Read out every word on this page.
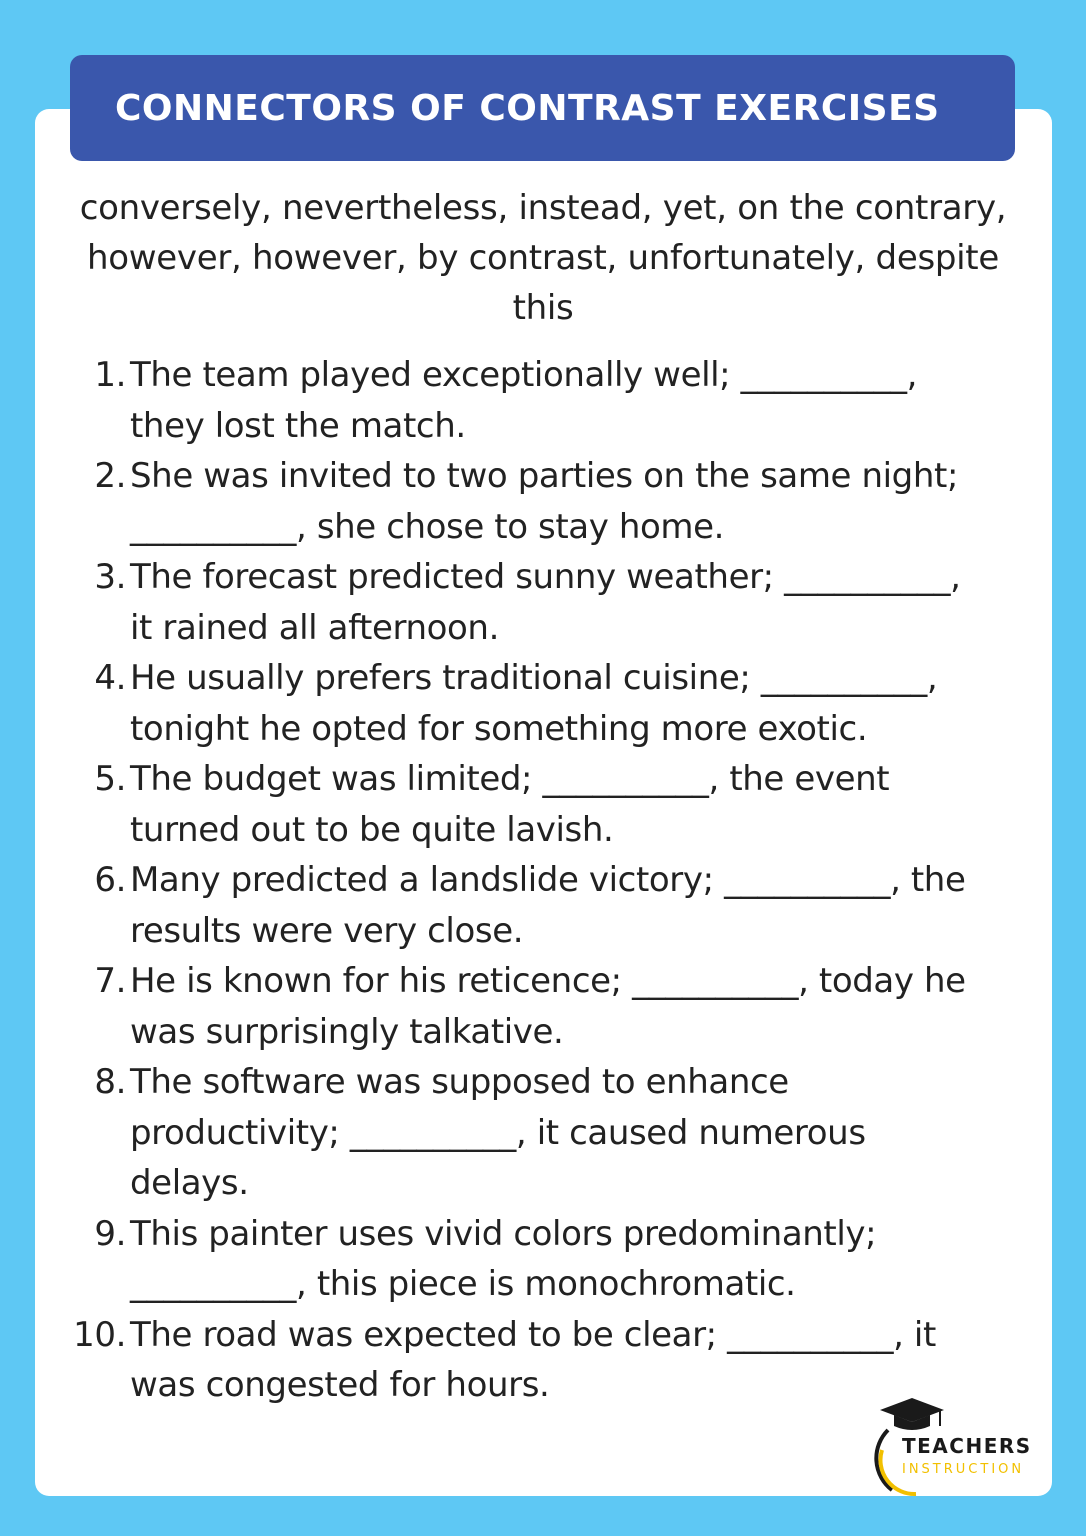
CONNECTORS OF CONTRAST EXERCISES
conversely, nevertheless, instead, yet, on the contrary,
however, however, by contrast, unfortunately, despite
this
1. The team played exceptionally well; __________,
they lost the match.
2. She was invited to two parties on the same night;
__________, she chose to stay home.
3. The forecast predicted sunny weather; __________,
it rained all afternoon.
4. He usually prefers traditional cuisine; __________,
tonight he opted for something more exotic.
5. The budget was limited; __________, the event
turned out to be quite lavish.
6. Many predicted a landslide victory; __________, the
results were very close.
7. He is known for his reticence; __________, today he
was surprisingly talkative.
8. The software was supposed to enhance
productivity; __________, it caused numerous
delays.
9. This painter uses vivid colors predominantly;
__________, this piece is monochromatic.
10. The road was expected to be clear; __________, it
was congested for hours.
TEACHERS
INSTRUCTION
